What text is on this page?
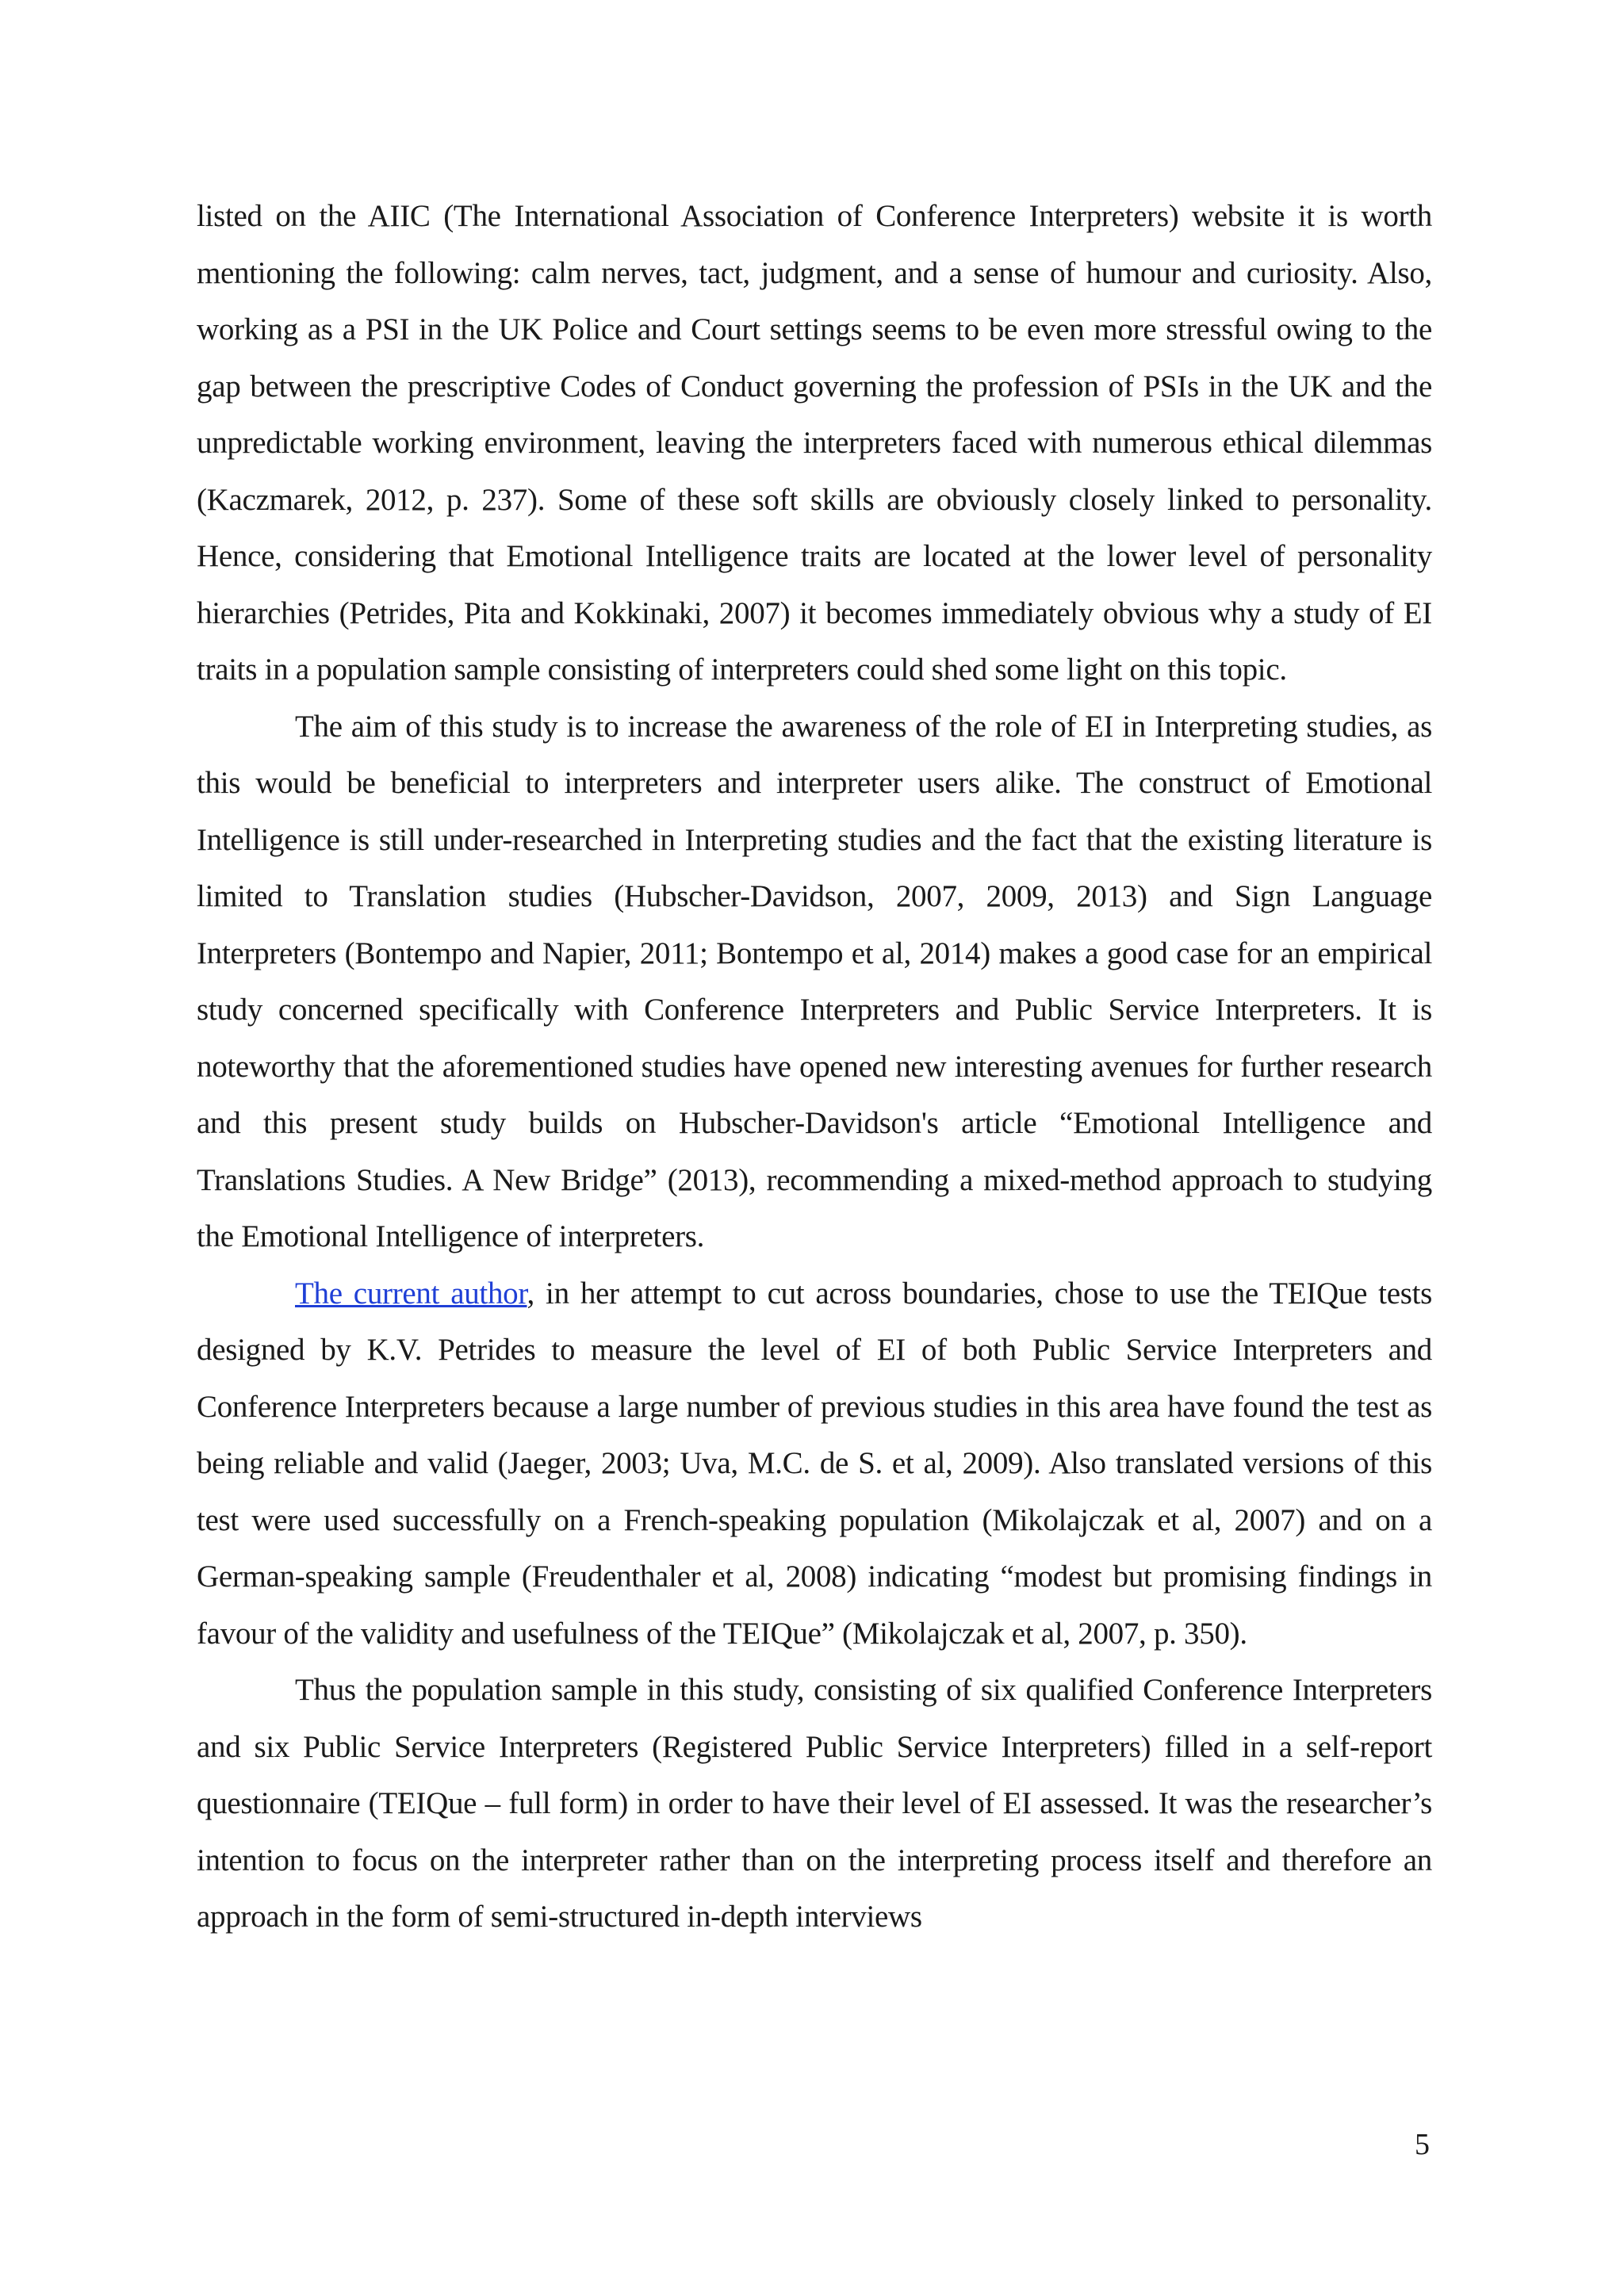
listed on the AIIC (The International Association of Conference Interpreters) website it is worth mentioning the following: calm nerves, tact, judgment, and a sense of humour and curiosity. Also, working as a PSI in the UK Police and Court settings seems to be even more stressful owing to the gap between the prescriptive Codes of Conduct governing the profession of PSIs in the UK and the unpredictable working environment, leaving the interpreters faced with numerous ethical dilemmas (Kaczmarek, 2012, p. 237). Some of these soft skills are obviously closely linked to personality. Hence, considering that Emotional Intelligence traits are located at the lower level of personality hierarchies (Petrides, Pita and Kokkinaki, 2007) it becomes immediately obvious why a study of EI traits in a population sample consisting of interpreters could shed some light on this topic.

The aim of this study is to increase the awareness of the role of EI in Interpreting studies, as this would be beneficial to interpreters and interpreter users alike. The construct of Emotional Intelligence is still under-researched in Interpreting studies and the fact that the existing literature is limited to Translation studies (Hubscher-Davidson, 2007, 2009, 2013) and Sign Language Interpreters (Bontempo and Napier, 2011; Bontempo et al, 2014) makes a good case for an empirical study concerned specifically with Conference Interpreters and Public Service Interpreters. It is noteworthy that the aforementioned studies have opened new interesting avenues for further research and this present study builds on Hubscher-Davidson's article “Emotional Intelligence and Translations Studies. A New Bridge” (2013), recommending a mixed-method approach to studying the Emotional Intelligence of interpreters.

The current author, in her attempt to cut across boundaries, chose to use the TEIQue tests designed by K.V. Petrides to measure the level of EI of both Public Service Interpreters and Conference Interpreters because a large number of previous studies in this area have found the test as being reliable and valid (Jaeger, 2003; Uva, M.C. de S. et al, 2009). Also translated versions of this test were used successfully on a French-speaking population (Mikolajczak et al, 2007) and on a German-speaking sample (Freudenthaler et al, 2008) indicating “modest but promising findings in favour of the validity and usefulness of the TEIQue” (Mikolajczak et al, 2007, p. 350).

Thus the population sample in this study, consisting of six qualified Conference Interpreters and six Public Service Interpreters (Registered Public Service Interpreters) filled in a self-report questionnaire (TEIQue – full form) in order to have their level of EI assessed. It was the researcher’s intention to focus on the interpreter rather than on the interpreting process itself and therefore an approach in the form of semi-structured in-depth interviews

5
